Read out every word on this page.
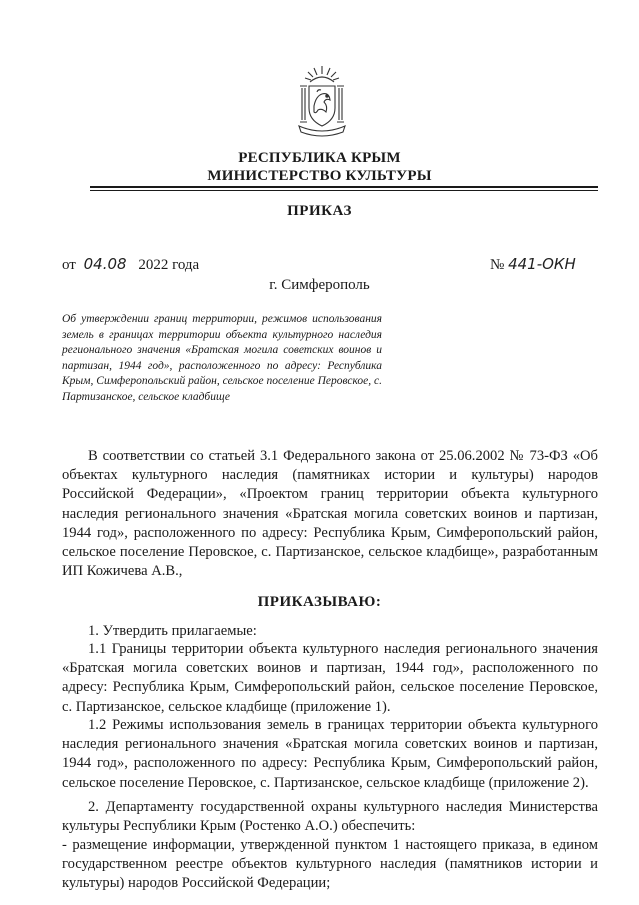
РЕСПУБЛИКА КРЫМ
МИНИСТЕРСТВО КУЛЬТУРЫ
ПРИКАЗ
от 04.08 2022 года	№ 441-ОКН
г. Симферополь
Об утверждении границ территории, режимов использования земель в границах территории объекта культурного наследия регионального значения «Братская могила советских воинов и партизан, 1944 год», расположенного по адресу: Республика Крым, Симферопольский район, сельское поселение Перовское, с. Партизанское, сельское кладбище
В соответствии со статьей 3.1 Федерального закона от 25.06.2002 № 73-ФЗ «Об объектах культурного наследия (памятниках истории и культуры) народов Российской Федерации», «Проектом границ территории объекта культурного наследия регионального значения «Братская могила советских воинов и партизан, 1944 год», расположенного по адресу: Республика Крым, Симферопольский район, сельское поселение Перовское, с. Партизанское, сельское кладбище», разработанным ИП Кожичева А.В.,
ПРИКАЗЫВАЮ:
1. Утвердить прилагаемые:
1.1 Границы территории объекта культурного наследия регионального значения «Братская могила советских воинов и партизан, 1944 год», расположенного по адресу: Республика Крым, Симферопольский район, сельское поселение Перовское, с. Партизанское, сельское кладбище (приложение 1).
1.2 Режимы использования земель в границах территории объекта культурного наследия регионального значения «Братская могила советских воинов и партизан, 1944 год», расположенного по адресу: Республика Крым, Симферопольский район, сельское поселение Перовское, с. Партизанское, сельское кладбище (приложение 2).
2. Департаменту государственной охраны культурного наследия Министерства культуры Республики Крым (Ростенко А.О.) обеспечить:
- размещение информации, утвержденной пунктом 1 настоящего приказа, в едином государственном реестре объектов культурного наследия (памятников истории и культуры) народов Российской Федерации;
